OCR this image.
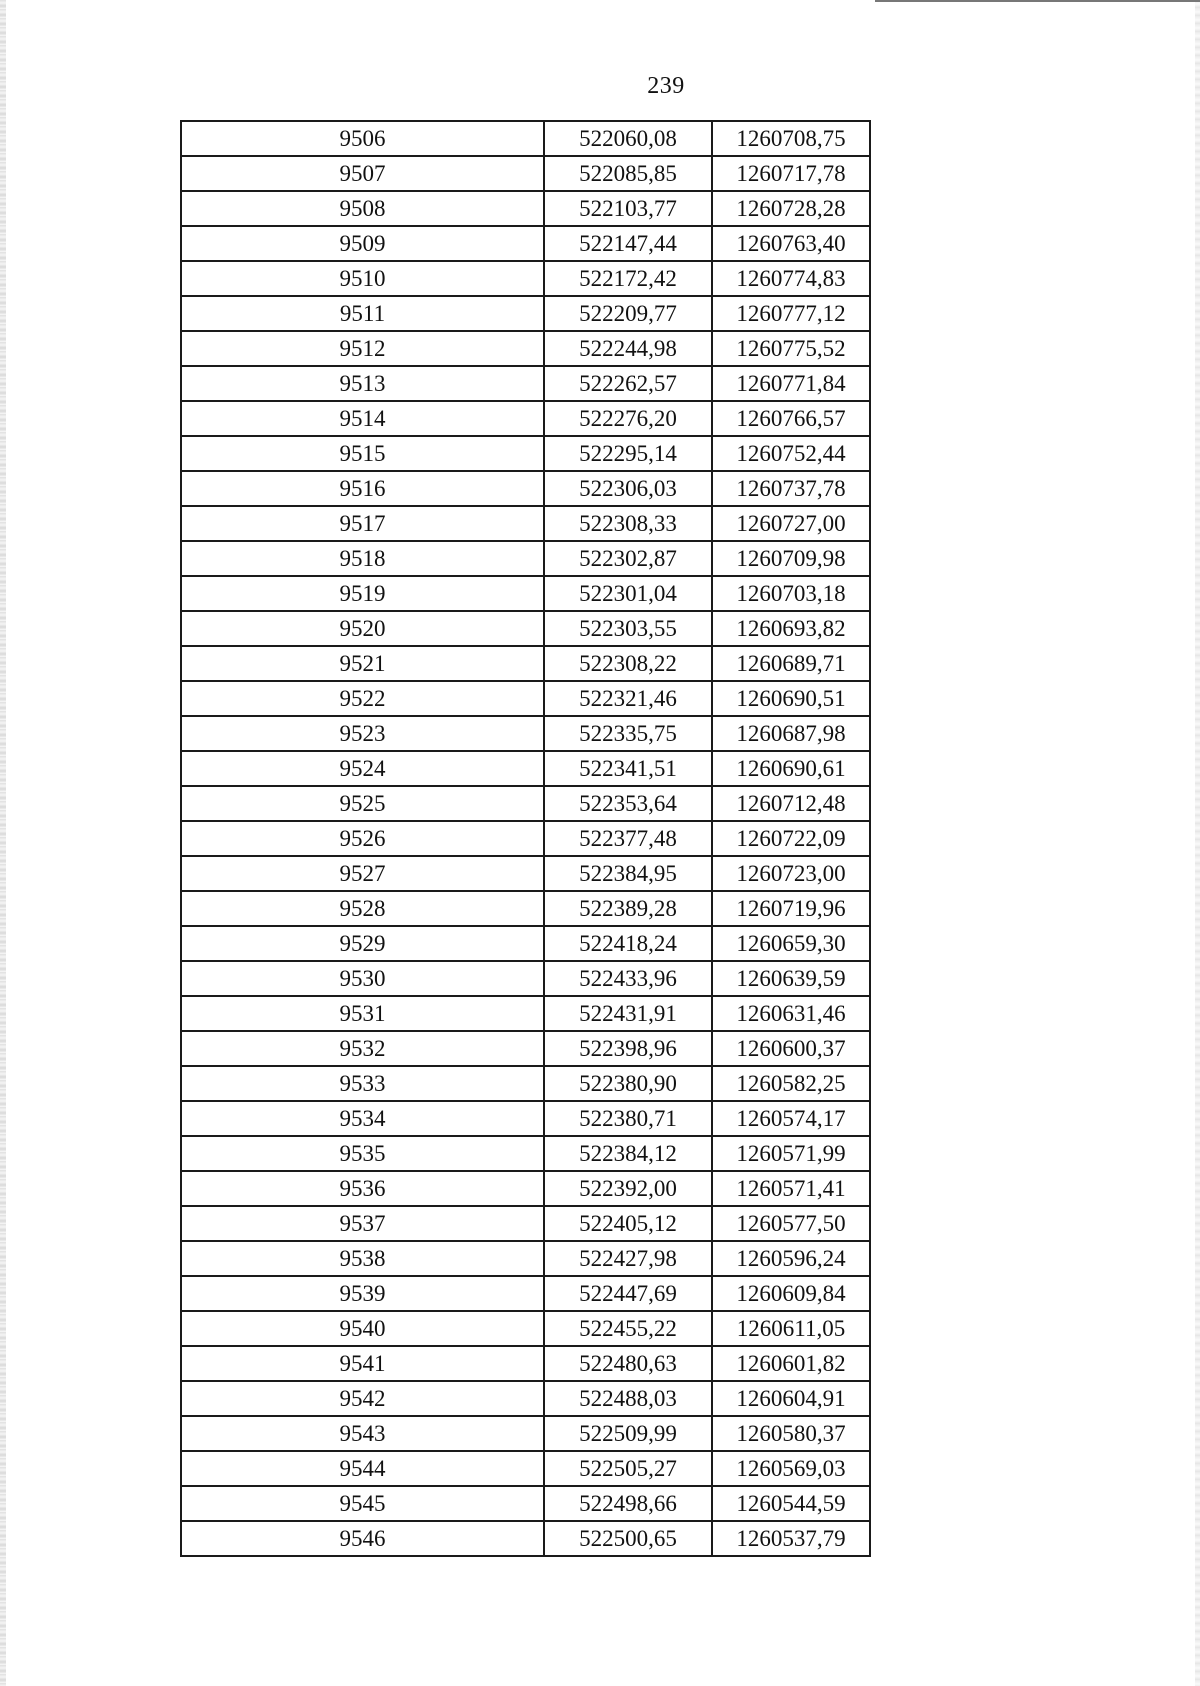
239
9506	522060,08	1260708,75
9507	522085,85	1260717,78
9508	522103,77	1260728,28
9509	522147,44	1260763,40
9510	522172,42	1260774,83
9511	522209,77	1260777,12
9512	522244,98	1260775,52
9513	522262,57	1260771,84
9514	522276,20	1260766,57
9515	522295,14	1260752,44
9516	522306,03	1260737,78
9517	522308,33	1260727,00
9518	522302,87	1260709,98
9519	522301,04	1260703,18
9520	522303,55	1260693,82
9521	522308,22	1260689,71
9522	522321,46	1260690,51
9523	522335,75	1260687,98
9524	522341,51	1260690,61
9525	522353,64	1260712,48
9526	522377,48	1260722,09
9527	522384,95	1260723,00
9528	522389,28	1260719,96
9529	522418,24	1260659,30
9530	522433,96	1260639,59
9531	522431,91	1260631,46
9532	522398,96	1260600,37
9533	522380,90	1260582,25
9534	522380,71	1260574,17
9535	522384,12	1260571,99
9536	522392,00	1260571,41
9537	522405,12	1260577,50
9538	522427,98	1260596,24
9539	522447,69	1260609,84
9540	522455,22	1260611,05
9541	522480,63	1260601,82
9542	522488,03	1260604,91
9543	522509,99	1260580,37
9544	522505,27	1260569,03
9545	522498,66	1260544,59
9546	522500,65	1260537,79
